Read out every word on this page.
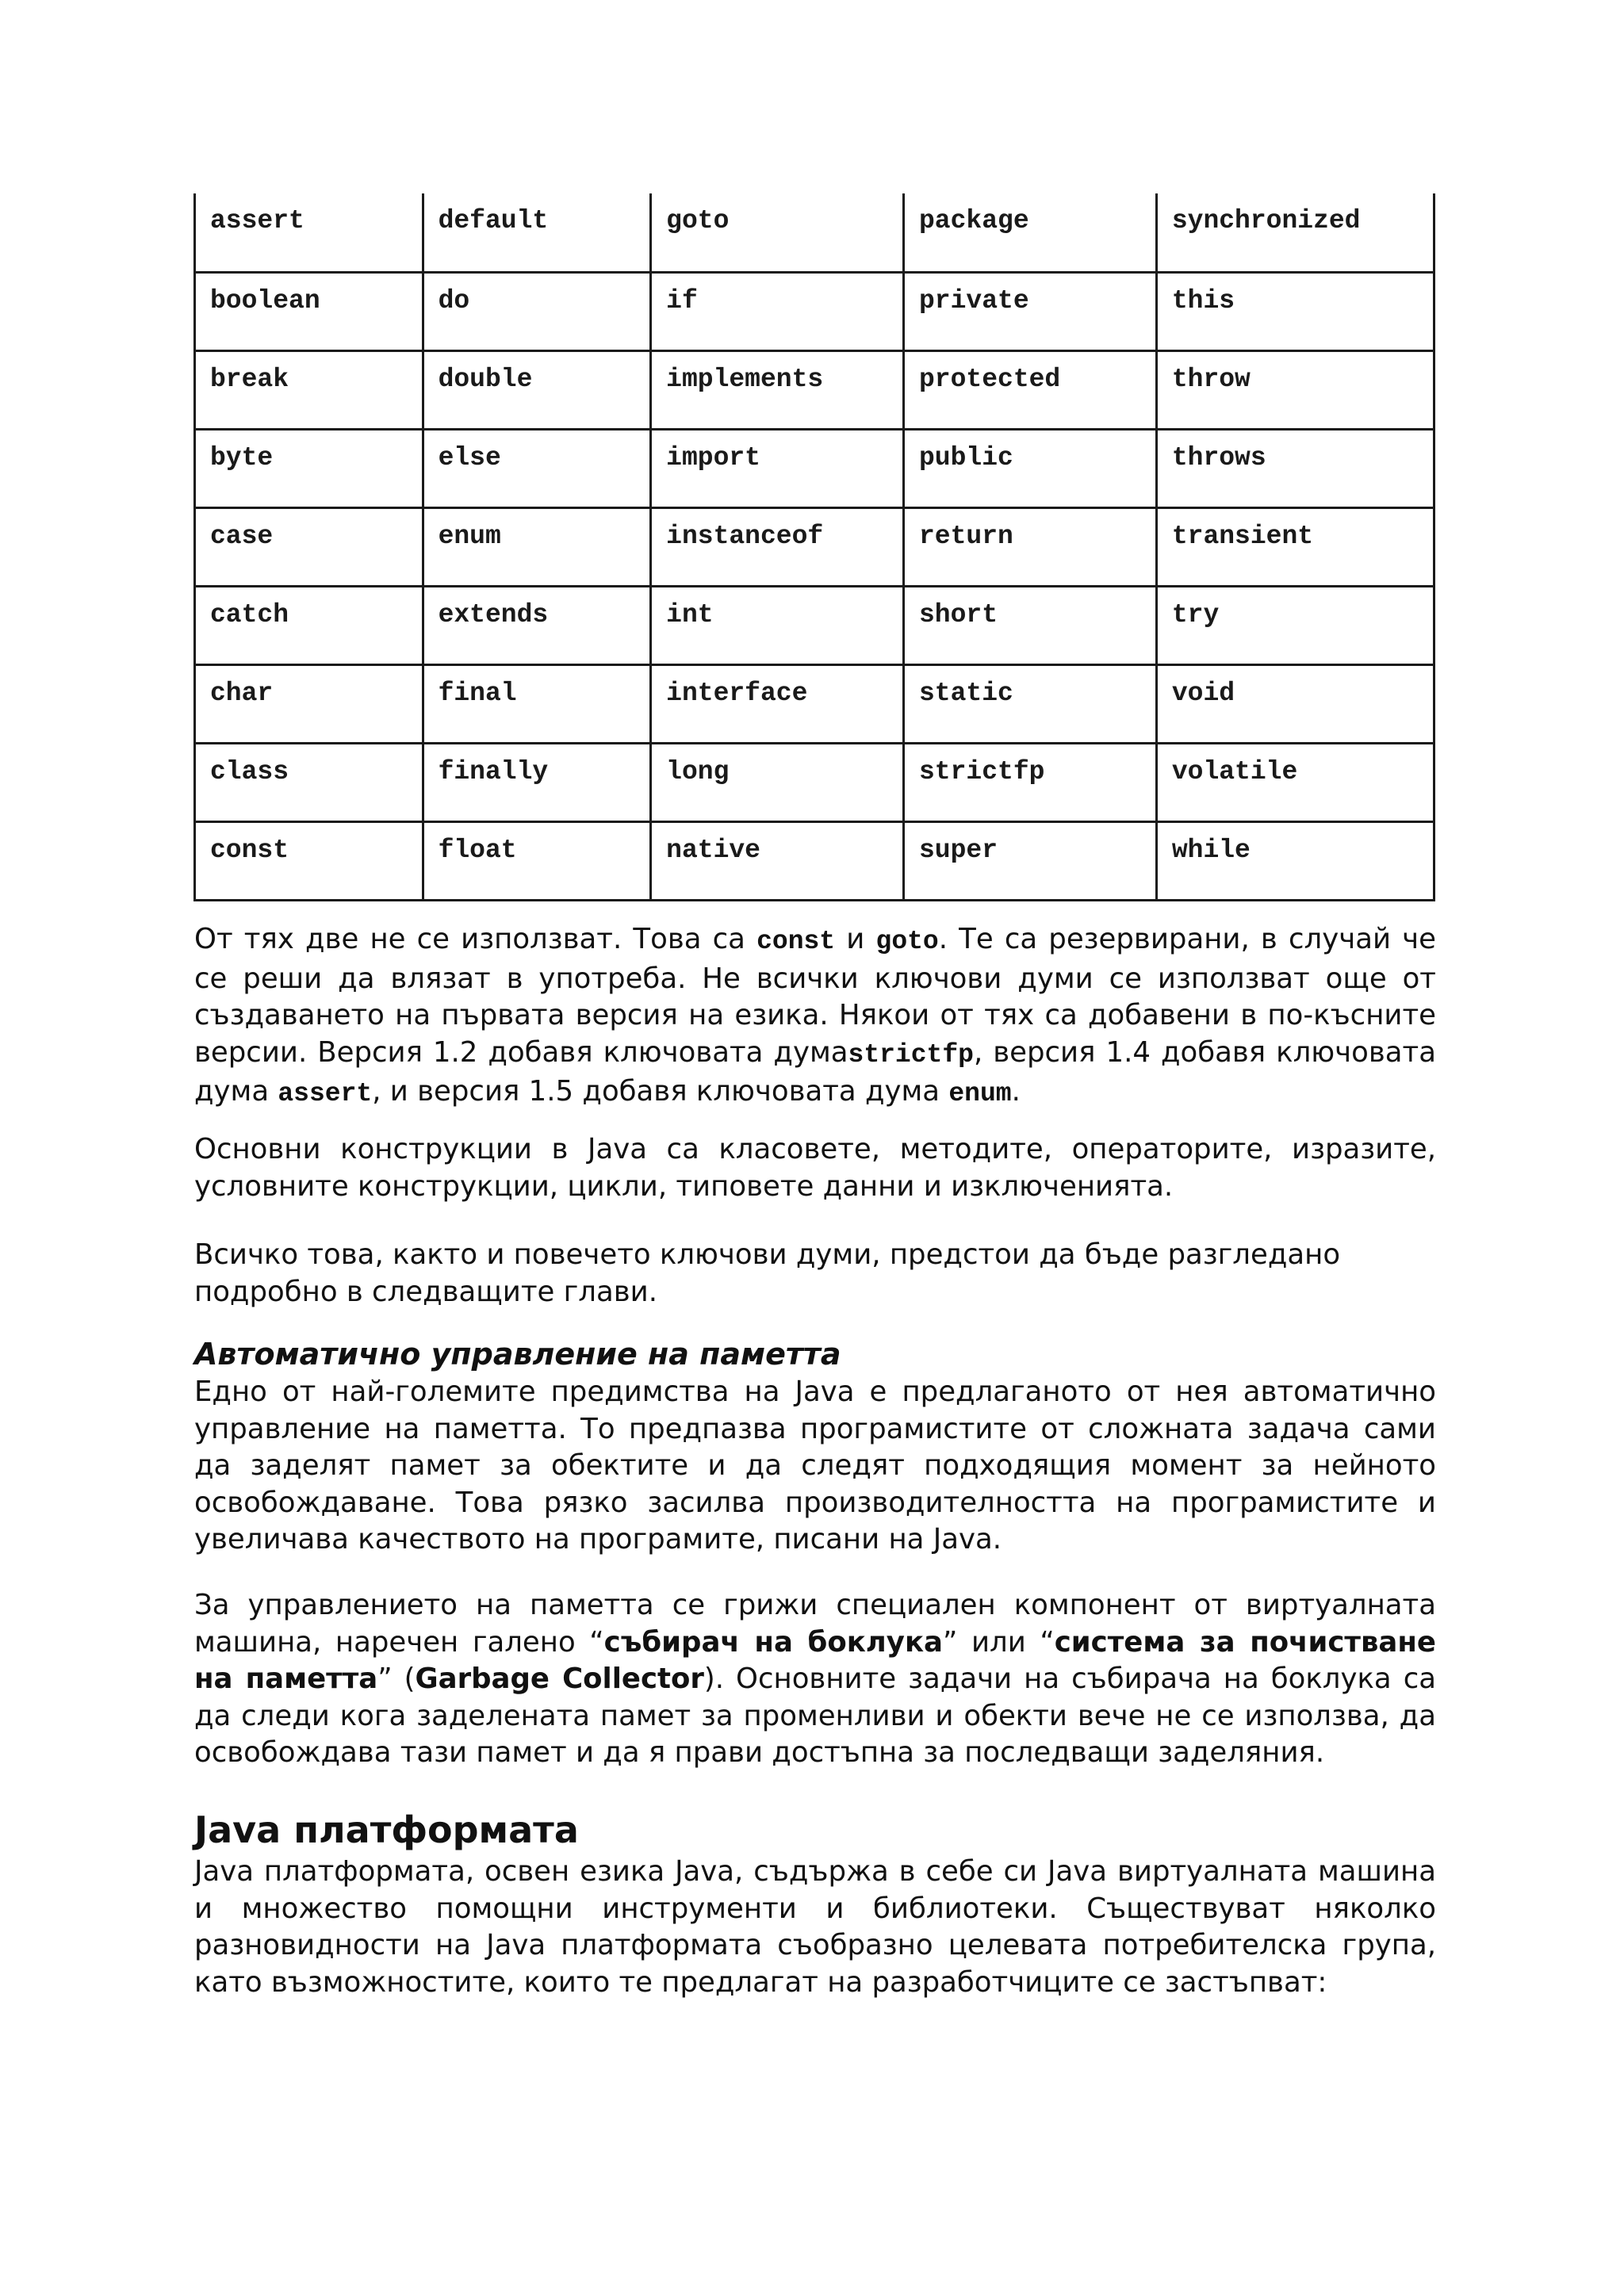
assert	default	goto	package	synchronized
boolean	do	if	private	this
break	double	implements	protected	throw
byte	else	import	public	throws
case	enum	instanceof	return	transient
catch	extends	int	short	try
char	final	interface	static	void
class	finally	long	strictfp	volatile
const	float	native	super	while

От тях две не се използват. Това са const и goto. Те са резервирани, в случай че се реши да влязат в употреба. Не всички ключови думи се използват още от създаването на първата версия на езика. Някои от тях са добавени в по-късните версии. Версия 1.2 добавя ключовата думаstrictfp, версия 1.4 добавя ключовата дума assert, и версия 1.5 добавя ключовата дума enum.

Основни конструкции в Java са класовете, методите, операторите, изразите, условните конструкции, цикли, типовете данни и изключенията.

Всичко това, както и повечето ключови думи, предстои да бъде разгледано подробно в следващите глави.

Автоматично управление на паметта

Едно от най-големите предимства на Java е предлаганото от нея автоматично управление на паметта. То предпазва програмистите от сложната задача сами да заделят памет за обектите и да следят подходящия момент за нейното освобождаване. Това рязко засилва производителността на програмистите и увеличава качеството на програмите, писани на Java.

За управлението на паметта се грижи специален компонент от виртуалната машина, наречен галено “събирач на боклука” или “система за почистване на паметта” (Garbage Collector). Основните задачи на събирача на боклука са да следи кога заделената памет за променливи и обекти вече не се използва, да освобождава тази памет и да я прави достъпна за последващи заделяния.

Java платформата

Java платформата, освен езика Java, съдържа в себе си Java виртуалната машина и множество помощни инструменти и библиотеки. Съществуват няколко разновидности на Java платформата съобразно целевата потребителска група, като възможностите, които те предлагат на разработчиците се застъпват:
